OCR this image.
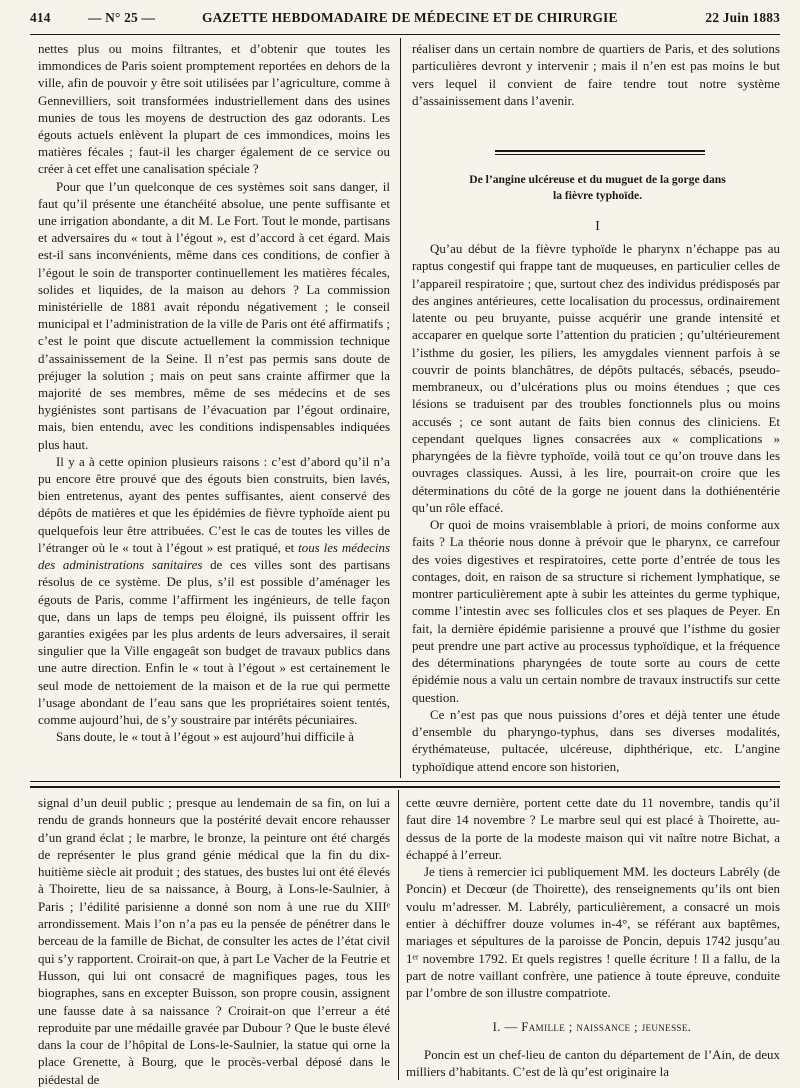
414	— N° 25 —	GAZETTE HEBDOMADAIRE DE MÉDECINE ET DE CHIRURGIE	22 Juin 1883

nettes plus ou moins filtrantes, et d’obtenir que toutes les immondices de Paris soient promptement reportées en dehors de la ville, afin de pouvoir y être soit utilisées par l’agriculture, comme à Gennevilliers, soit transformées industriellement dans des usines munies de tous les moyens de destruction des gaz odorants. Les égouts actuels enlèvent la plupart de ces immondices, moins les matières fécales ; faut-il les charger également de ce service ou créer à cet effet une canalisation spéciale ?

Pour que l’un quelconque de ces systèmes soit sans danger, il faut qu’il présente une étanchéité absolue, une pente suffisante et une irrigation abondante, a dit M. Le Fort. Tout le monde, partisans et adversaires du « tout à l’égout », est d’accord à cet égard. Mais est-il sans inconvénients, même dans ces conditions, de confier à l’égout le soin de transporter continuellement les matières fécales, solides et liquides, de la maison au dehors ? La commission ministérielle de 1881 avait répondu négativement ; le conseil municipal et l’administration de la ville de Paris ont été affirmatifs ; c’est le point que discute actuellement la commission technique d’assainissement de la Seine. Il n’est pas permis sans doute de préjuger la solution ; mais on peut sans crainte affirmer que la majorité de ses membres, même de ses médecins et de ses hygiénistes sont partisans de l’évacuation par l’égout ordinaire, mais, bien entendu, avec les conditions indispensables indiquées plus haut.

Il y a à cette opinion plusieurs raisons : c’est d’abord qu’il n’a pu encore être prouvé que des égouts bien construits, bien lavés, bien entretenus, ayant des pentes suffisantes, aient conservé des dépôts de matières et que les épidémies de fièvre typhoïde aient pu quelquefois leur être attribuées. C’est le cas de toutes les villes de l’étranger où le « tout à l’égout » est pratiqué, et tous les médecins des administrations sanitaires de ces villes sont des partisans résolus de ce système. De plus, s’il est possible d’aménager les égouts de Paris, comme l’affirment les ingénieurs, de telle façon que, dans un laps de temps peu éloigné, ils puissent offrir les garanties exigées par les plus ardents de leurs adversaires, il serait singulier que la Ville engageât son budget de travaux publics dans une autre direction. Enfin le « tout à l’égout » est certainement le seul mode de nettoiement de la maison et de la rue qui permette l’usage abondant de l’eau sans que les propriétaires soient tentés, comme aujourd’hui, de s’y soustraire par intérêts pécuniaires.

Sans doute, le « tout à l’égout » est aujourd’hui difficile à

réaliser dans un certain nombre de quartiers de Paris, et des solutions particulières devront y intervenir ; mais il n’en est pas moins le but vers lequel il convient de faire tendre tout notre système d’assainissement dans l’avenir.

De l’angine ulcéreuse et du muguet de la gorge dans
la fièvre typhoïde.
I

Qu’au début de la fièvre typhoïde le pharynx n’échappe pas au raptus congestif qui frappe tant de muqueuses, en particulier celles de l’appareil respiratoire ; que, surtout chez des individus prédisposés par des angines antérieures, cette localisation du processus, ordinairement latente ou peu bruyante, puisse acquérir une grande intensité et accaparer en quelque sorte l’attention du praticien ; qu’ultérieurement l’isthme du gosier, les piliers, les amygdales viennent parfois à se couvrir de points blanchâtres, de dépôts pultacés, sébacés, pseudo-membraneux, ou d’ulcérations plus ou moins étendues ; que ces lésions se traduisent par des troubles fonctionnels plus ou moins accusés ; ce sont autant de faits bien connus des cliniciens. Et cependant quelques lignes consacrées aux « complications » pharyngées de la fièvre typhoïde, voilà tout ce qu’on trouve dans les ouvrages classiques. Aussi, à les lire, pourrait-on croire que les déterminations du côté de la gorge ne jouent dans la dothiénentérie qu’un rôle effacé.

Or quoi de moins vraisemblable à priori, de moins conforme aux faits ? La théorie nous donne à prévoir que le pharynx, ce carrefour des voies digestives et respiratoires, cette porte d’entrée de tous les contages, doit, en raison de sa structure si richement lymphatique, se montrer particulièrement apte à subir les atteintes du germe typhique, comme l’intestin avec ses follicules clos et ses plaques de Peyer. En fait, la dernière épidémie parisienne a prouvé que l’isthme du gosier peut prendre une part active au processus typhoïdique, et la fréquence des déterminations pharyngées de toute sorte au cours de cette épidémie nous a valu un certain nombre de travaux instructifs sur cette question.

Ce n’est pas que nous puissions d’ores et déjà tenter une étude d’ensemble du pharyngo-typhus, dans ses diverses modalités, érythémateuse, pultacée, ulcéreuse, diphthérique, etc. L’angine typhoïdique attend encore son historien,

signal d’un deuil public ; presque au lendemain de sa fin, on lui a rendu de grands honneurs que la postérité devait encore rehausser d’un grand éclat ; le marbre, le bronze, la peinture ont été chargés de représenter le plus grand génie médical que la fin du dix-huitième siècle ait produit ; des statues, des bustes lui ont été élevés à Thoirette, lieu de sa naissance, à Bourg, à Lons-le-Saulnier, à Paris ; l’édilité parisienne a donné son nom à une rue du XIIIᵉ arrondissement. Mais l’on n’a pas eu la pensée de pénétrer dans le berceau de la famille de Bichat, de consulter les actes de l’état civil qui s’y rapportent. Croirait-on que, à part Le Vacher de la Feutrie et Husson, qui lui ont consacré de magnifiques pages, tous les biographes, sans en excepter Buisson, son propre cousin, assignent une fausse date à sa naissance ? Croirait-on que l’erreur a été reproduite par une médaille gravée par Dubour ? Que le buste élevé dans la cour de l’hôpital de Lons-le-Saulnier, la statue qui orne la place Grenette, à Bourg, que le procès-verbal déposé dans le piédestal de

cette œuvre dernière, portent cette date du 11 novembre, tandis qu’il faut dire 14 novembre ? Le marbre seul qui est placé à Thoirette, au-dessus de la porte de la modeste maison qui vit naître notre Bichat, a échappé à l’erreur.

Je tiens à remercier ici publiquement MM. les docteurs Labrély (de Poncin) et Decœur (de Thoirette), des renseignements qu’ils ont bien voulu m’adresser. M. Labrély, particulièrement, a consacré un mois entier à déchiffrer douze volumes in-4°, se référant aux baptêmes, mariages et sépultures de la paroisse de Poncin, depuis 1742 jusqu’au 1ᵉʳ novembre 1792. Et quels registres ! quelle écriture ! Il a fallu, de la part de notre vaillant confrère, une patience à toute épreuve, conduite par l’ombre de son illustre compatriote.

I. — Famille ; naissance ; jeunesse.

Poncin est un chef-lieu de canton du département de l’Ain, de deux milliers d’habitants. C’est de là qu’est originaire la
